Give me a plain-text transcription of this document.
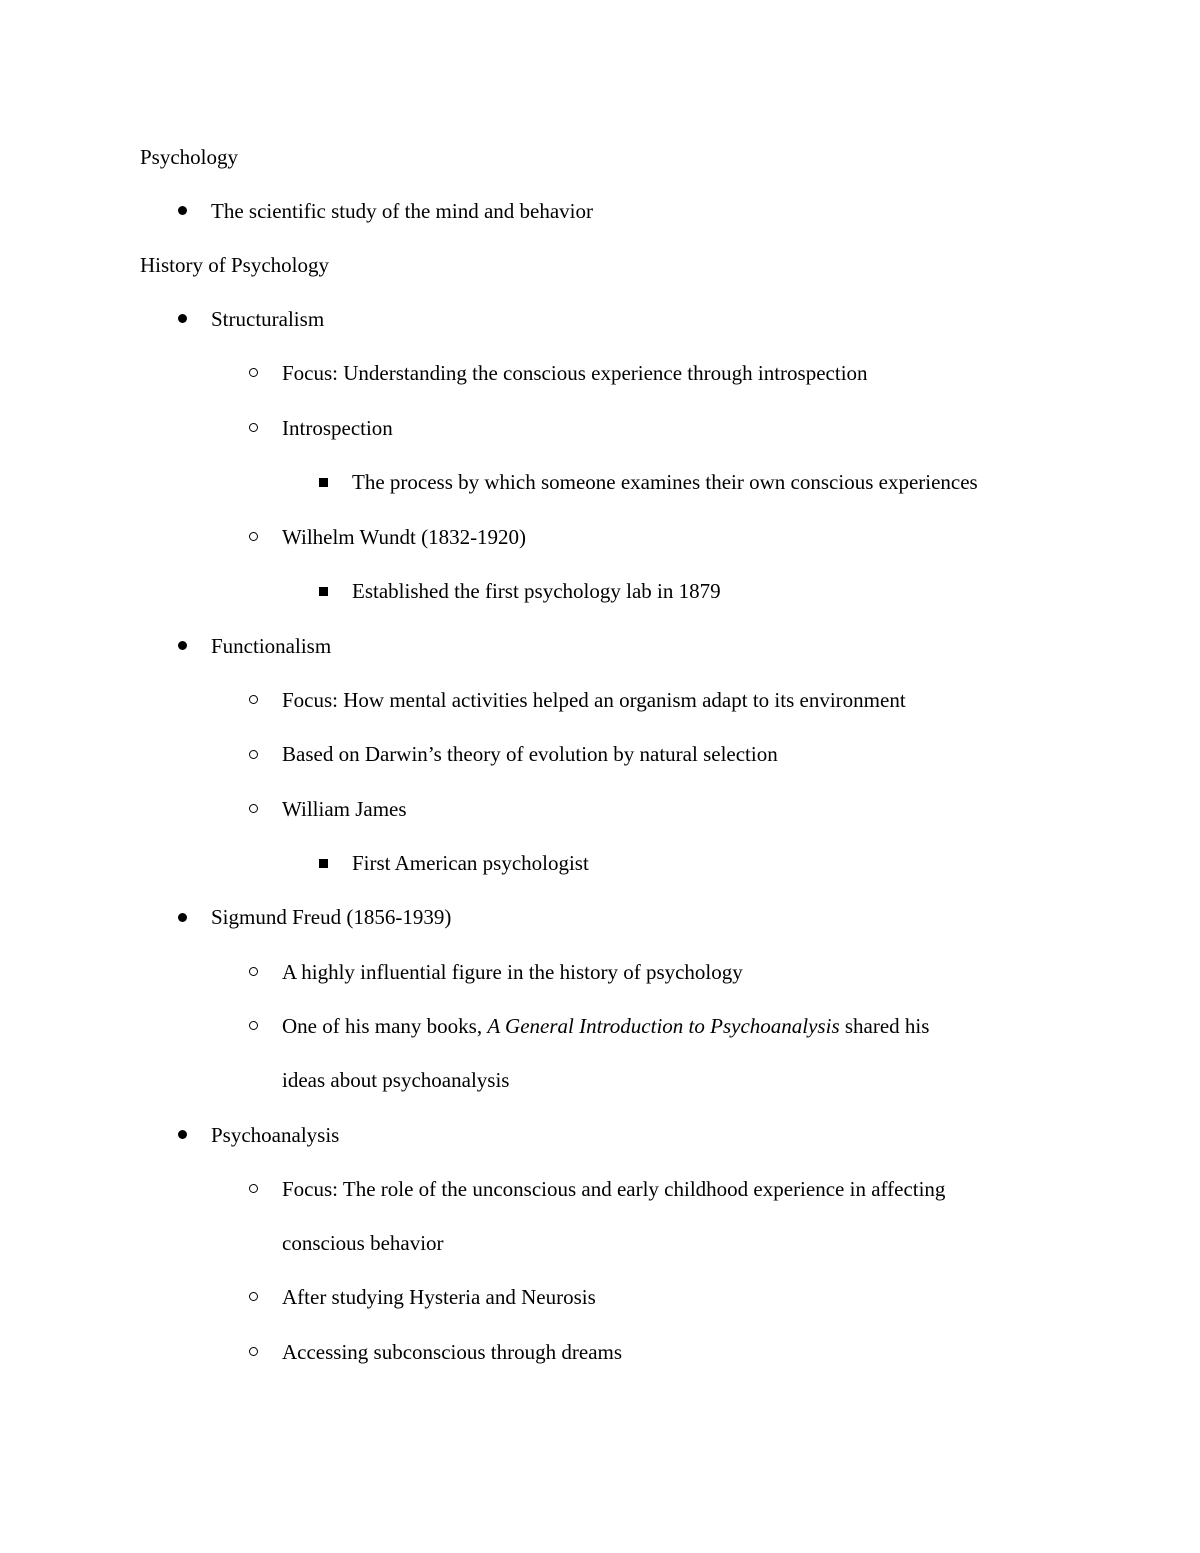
Psychology
The scientific study of the mind and behavior
History of Psychology
Structuralism
Focus: Understanding the conscious experience through introspection
Introspection
The process by which someone examines their own conscious experiences
Wilhelm Wundt (1832-1920)
Established the first psychology lab in 1879
Functionalism
Focus: How mental activities helped an organism adapt to its environment
Based on Darwin’s theory of evolution by natural selection
William James
First American psychologist
Sigmund Freud (1856-1939)
A highly influential figure in the history of psychology
One of his many books, A General Introduction to Psychoanalysis shared his
ideas about psychoanalysis
Psychoanalysis
Focus: The role of the unconscious and early childhood experience in affecting
conscious behavior
After studying Hysteria and Neurosis
Accessing subconscious through dreams
